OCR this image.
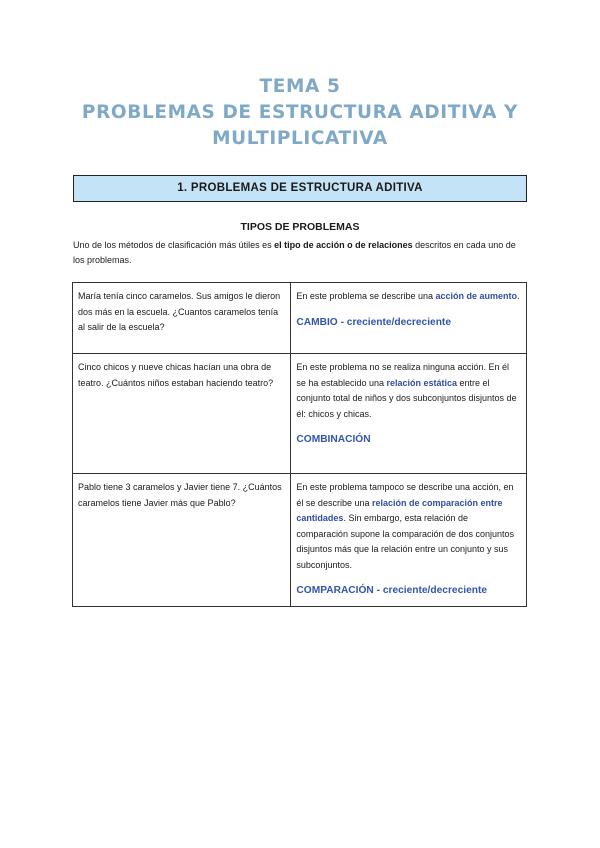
TEMA 5
PROBLEMAS DE ESTRUCTURA ADITIVA Y
MULTIPLICATIVA
1. PROBLEMAS DE ESTRUCTURA ADITIVA
TIPOS DE PROBLEMAS

Uno de los métodos de clasificación más útiles es el tipo de acción o de relaciones descritos en cada uno de los problemas.

María tenía cinco caramelos. Sus amigos le dieron dos más en la escuela. ¿Cuantos caramelos tenía al salir de la escuela?	En este problema se describe una acción de aumento.
CAMBIO - creciente/decreciente

Cinco chicos y nueve chicas hacían una obra de teatro. ¿Cuántos niños estaban haciendo teatro?	En este problema no se realiza ninguna acción. En él se ha establecido una relación estática entre el conjunto total de niños y dos subconjuntos disjuntos de él: chicos y chicas.
COMBINACIÓN

Pablo tiene 3 caramelos y Javier tiene 7. ¿Cuántos caramelos tiene Javier más que Pablo?	En este problema tampoco se describe una acción, en él se describe una relación de comparación entre cantidades. Sin embargo, esta relación de comparación supone la comparación de dos conjuntos disjuntos más que la relación entre un conjunto y sus subconjuntos.
COMPARACIÓN - creciente/decreciente
